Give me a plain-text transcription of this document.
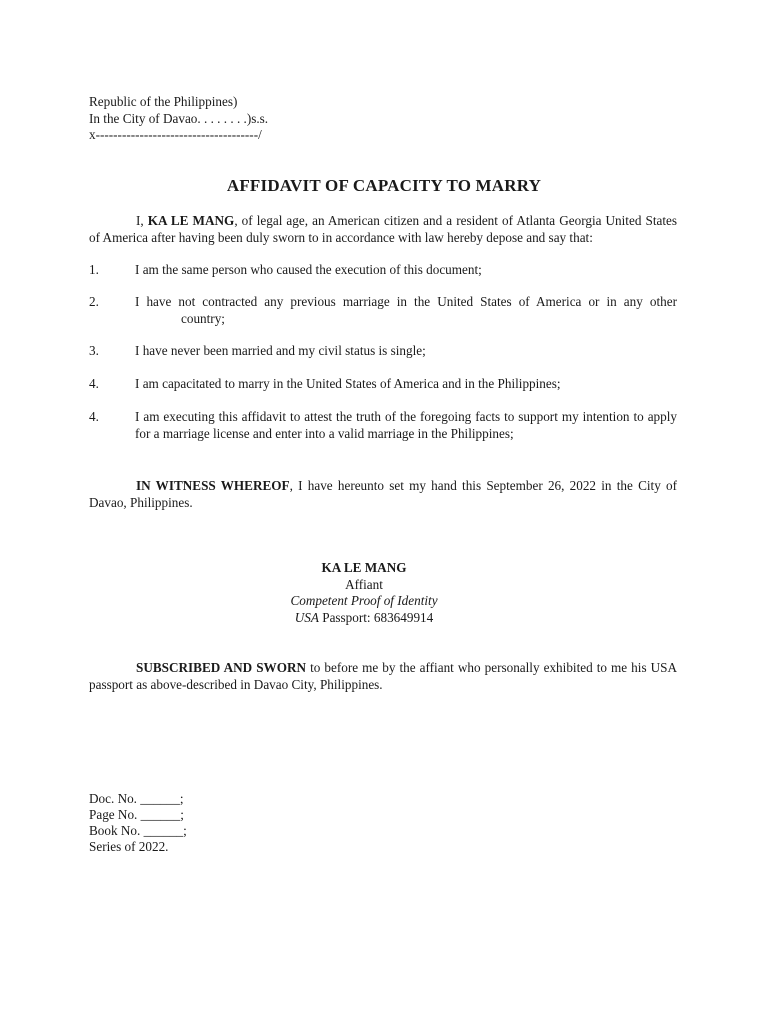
Republic of the Philippines)
In the City of Davao. . . . . . . .)s.s.
x-------------------------------------/
AFFIDAVIT OF CAPACITY TO MARRY
I, KA LE MANG, of legal age, an American citizen and a resident of Atlanta Georgia United States of America after having been duly sworn to in accordance with law hereby depose and say that:
1.	I am the same person who caused the execution of this document;
2.	I have not contracted any previous marriage in the United States of America or in any other
country;
3.	I have never been married and my civil status is single;
4.	I am capacitated to marry in the United States of America and in the Philippines;
4.	I am executing this affidavit to attest the truth of the foregoing facts to support my intention to apply for a marriage license and enter into a valid marriage in the Philippines;
IN WITNESS WHEREOF, I have hereunto set my hand this September 26, 2022 in the City of Davao, Philippines.
KA LE MANG
Affiant
Competent Proof of Identity
USA Passport: 683649914
SUBSCRIBED AND SWORN to before me by the affiant who personally exhibited to me his USA passport as above-described in Davao City, Philippines.
Doc. No. ______;
Page No. ______;
Book No. ______;
Series of 2022.
